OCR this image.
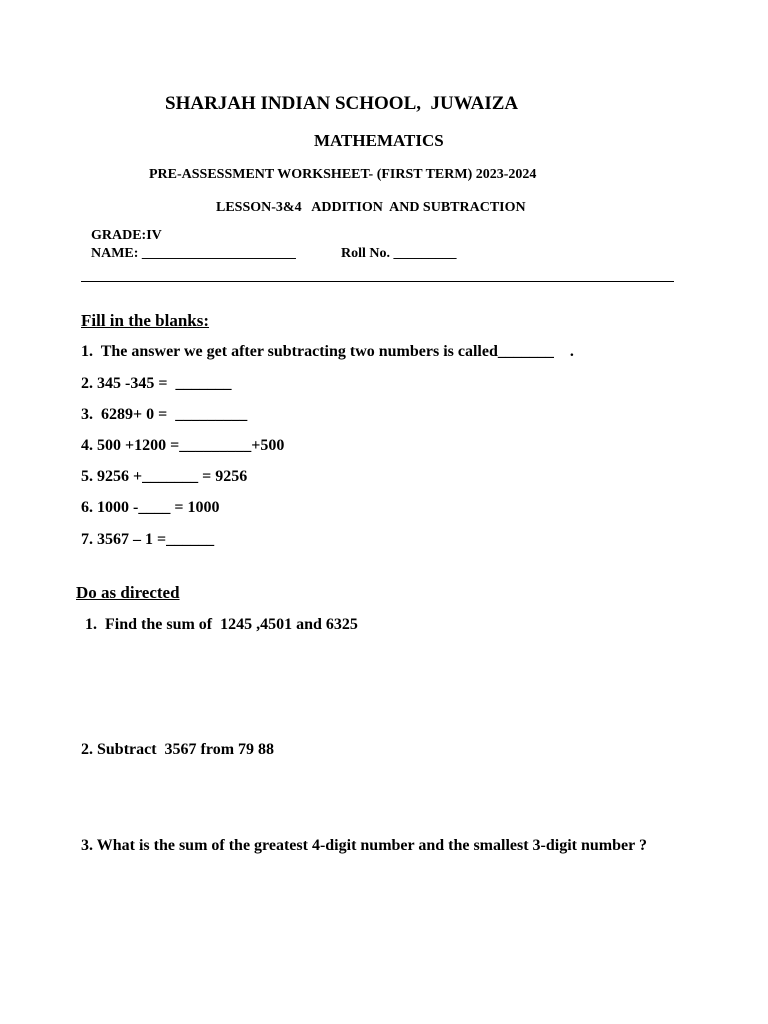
SHARJAH INDIAN SCHOOL,  JUWAIZA
MATHEMATICS
PRE-ASSESSMENT WORKSHEET- (FIRST TERM) 2023-2024
LESSON-3&4   ADDITION  AND SUBTRACTION
GRADE:IV
NAME: ______________________	Roll No. _________
Fill in the blanks:
1.  The answer we get after subtracting two numbers is called_______    .
2. 345 -345 =  _______
3.  6289+ 0 =  _________
4. 500 +1200 =_________+500
5. 9256 +_______ = 9256
6. 1000 -____ = 1000
7. 3567 – 1 =______
Do as directed
1.  Find the sum of  1245 ,4501 and 6325
2. Subtract  3567 from 79 88
3. What is the sum of the greatest 4-digit number and the smallest 3-digit number ?
